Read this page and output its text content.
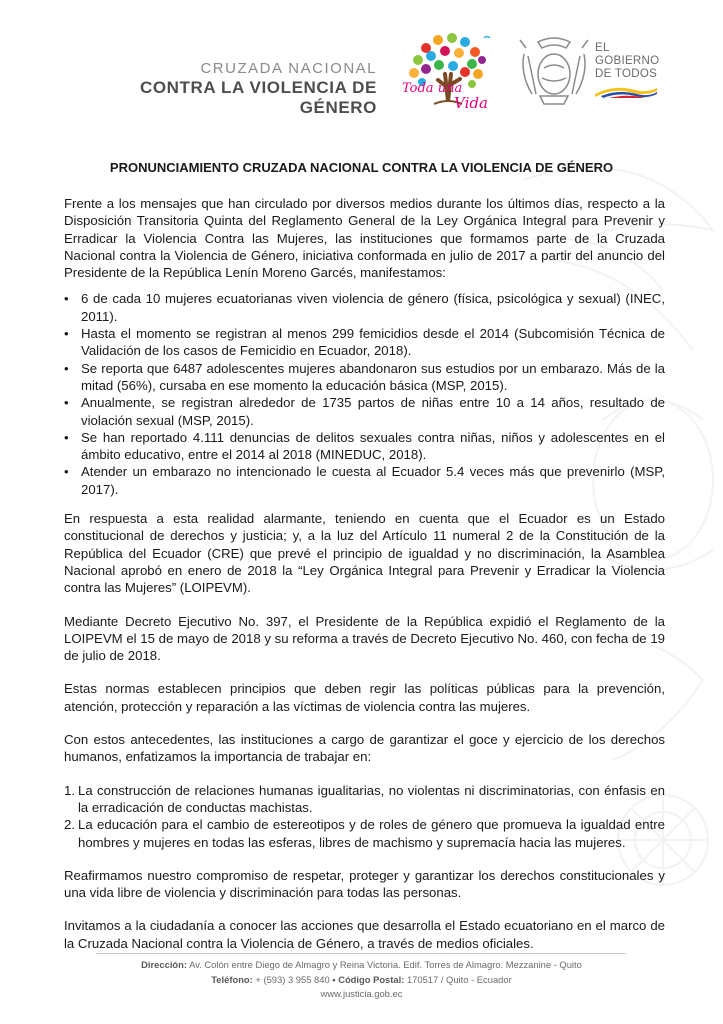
CRUZADA NACIONAL
CONTRA LA VIOLENCIA DE GÉNERO
Toda una
Vida
EL
GOBIERNO
DE TODOS
PRONUNCIAMIENTO CRUZADA NACIONAL CONTRA LA VIOLENCIA DE GÉNERO

Frente a los mensajes que han circulado por diversos medios durante los últimos días, respecto a la Disposición Transitoria Quinta del Reglamento General de la Ley Orgánica Integral para Prevenir y Erradicar la Violencia Contra las Mujeres, las instituciones que formamos parte de la Cruzada Nacional contra la Violencia de Género, iniciativa conformada en julio de 2017 a partir del anuncio del Presidente de la República Lenín Moreno Garcés, manifestamos:

• 6 de cada 10 mujeres ecuatorianas viven violencia de género (física, psicológica y sexual) (INEC, 2011).
• Hasta el momento se registran al menos 299 femicidios desde el 2014 (Subcomisión Técnica de Validación de los casos de Femicidio en Ecuador, 2018).
• Se reporta que 6487 adolescentes mujeres abandonaron sus estudios por un embarazo. Más de la mitad (56%), cursaba en ese momento la educación básica (MSP, 2015).
• Anualmente, se registran alrededor de 1735 partos de niñas entre 10 a 14 años, resultado de violación sexual (MSP, 2015).
• Se han reportado 4.111 denuncias de delitos sexuales contra niñas, niños y adolescentes en el ámbito educativo, entre el 2014 al 2018 (MINEDUC, 2018).
• Atender un embarazo no intencionado le cuesta al Ecuador 5.4 veces más que prevenirlo (MSP, 2017).

En respuesta a esta realidad alarmante, teniendo en cuenta que el Ecuador es un Estado constitucional de derechos y justicia; y, a la luz del Artículo 11 numeral 2 de la Constitución de la República del Ecuador (CRE) que prevé el principio de igualdad y no discriminación, la Asamblea Nacional aprobó en enero de 2018 la “Ley Orgánica Integral para Prevenir y Erradicar la Violencia contra las Mujeres” (LOIPEVM).

Mediante Decreto Ejecutivo No. 397, el Presidente de la República expidió el Reglamento de la LOIPEVM el 15 de mayo de 2018 y su reforma a través de Decreto Ejecutivo No. 460, con fecha de 19 de julio de 2018.

Estas normas establecen principios que deben regir las políticas públicas para la prevención, atención, protección y reparación a las víctimas de violencia contra las mujeres.

Con estos antecedentes, las instituciones a cargo de garantizar el goce y ejercicio de los derechos humanos, enfatizamos la importancia de trabajar en:

1. La construcción de relaciones humanas igualitarias, no violentas ni discriminatorias, con énfasis en la erradicación de conductas machistas.
2. La educación para el cambio de estereotipos y de roles de género que promueva la igualdad entre hombres y mujeres en todas las esferas, libres de machismo y supremacía hacia las mujeres.

Reafirmamos nuestro compromiso de respetar, proteger y garantizar los derechos constitucionales y una vida libre de violencia y discriminación para todas las personas.

Invitamos a la ciudadanía a conocer las acciones que desarrolla el Estado ecuatoriano en el marco de la Cruzada Nacional contra la Violencia de Género, a través de medios oficiales.

Dirección: Av. Colón entre Diego de Almagro y Reina Victoria. Edif. Torres de Almagro. Mezzanine - Quito
Teléfono: + (593) 3 955 840 • Código Postal: 170517 / Quito - Ecuador
www.justicia.gob.ec
